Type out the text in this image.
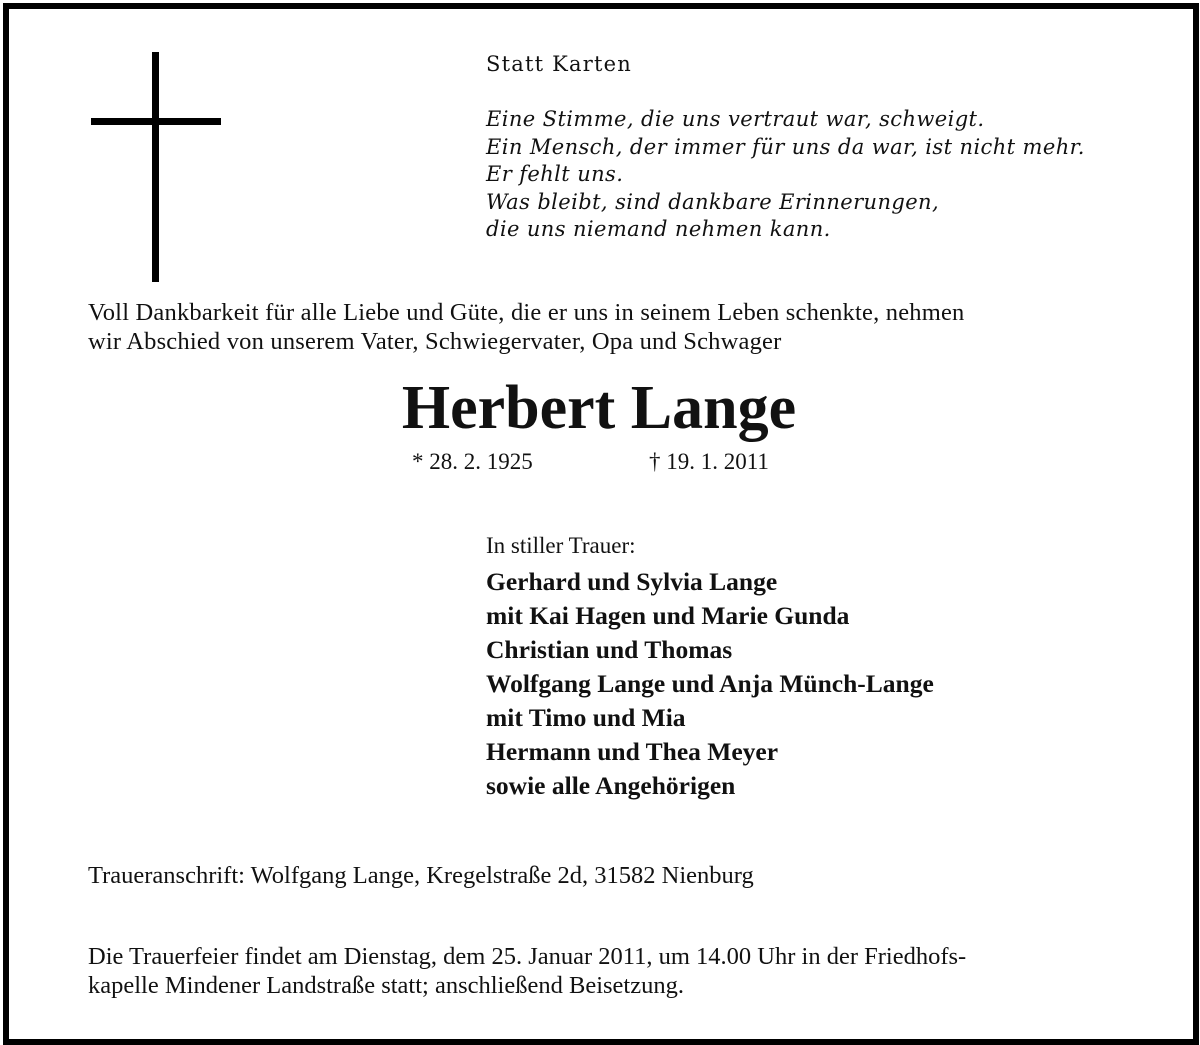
Statt Karten
Eine Stimme, die uns vertraut war, schweigt.
Ein Mensch, der immer für uns da war, ist nicht mehr.
Er fehlt uns.
Was bleibt, sind dankbare Erinnerungen,
die uns niemand nehmen kann.
Voll Dankbarkeit für alle Liebe und Güte, die er uns in seinem Leben schenkte, nehmen
wir Abschied von unserem Vater, Schwiegervater, Opa und Schwager
Herbert Lange
* 28. 2. 1925	† 19. 1. 2011
In stiller Trauer:
Gerhard und Sylvia Lange
mit Kai Hagen und Marie Gunda
Christian und Thomas
Wolfgang Lange und Anja Münch-Lange
mit Timo und Mia
Hermann und Thea Meyer
sowie alle Angehörigen
Traueranschrift: Wolfgang Lange, Kregelstraße 2d, 31582 Nienburg
Die Trauerfeier findet am Dienstag, dem 25. Januar 2011, um 14.00 Uhr in der Friedhofs-
kapelle Mindener Landstraße statt; anschließend Beisetzung.
